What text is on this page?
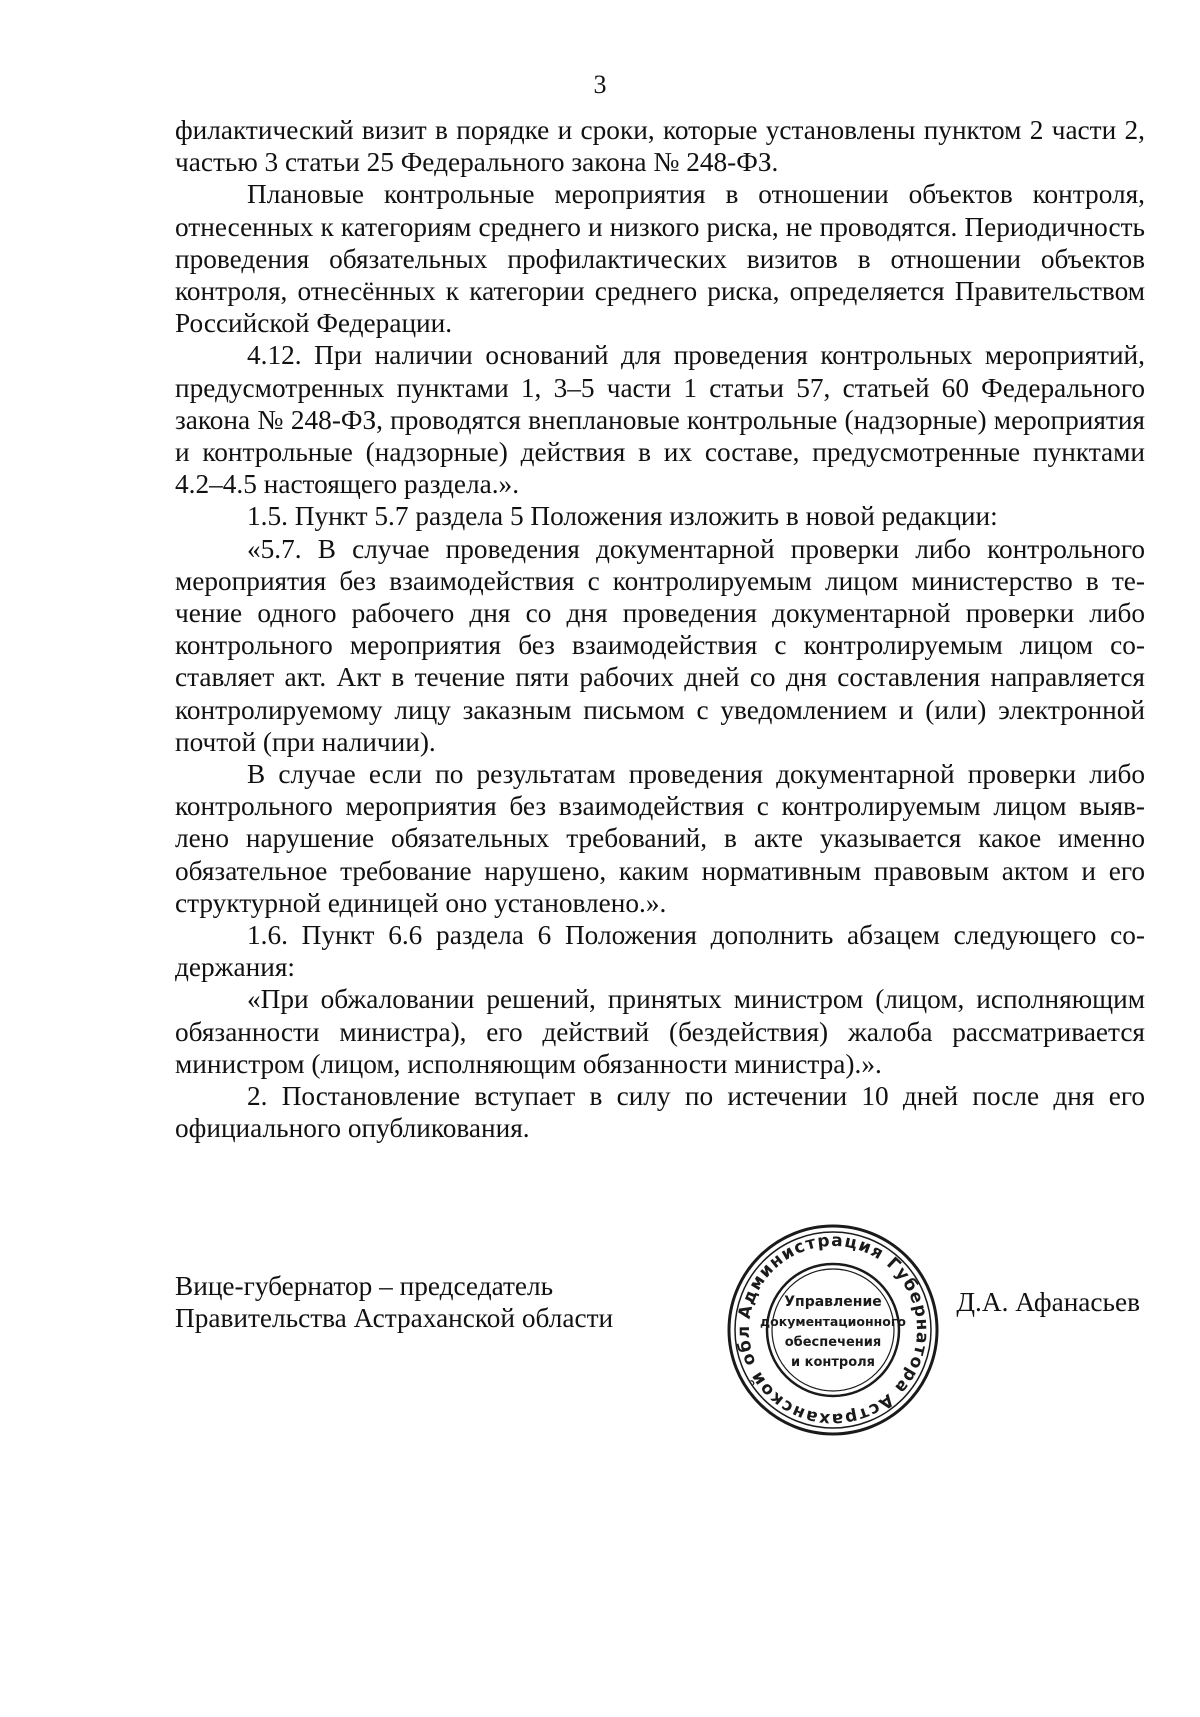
3

филактический визит в порядке и сроки, которые установлены пунктом 2 части 2, частью 3 статьи 25 Федерального закона № 248-ФЗ.

Плановые контрольные мероприятия в отношении объектов контроля, отнесенных к категориям среднего и низкого риска, не проводятся. Периодичность проведения обязательных профилактических визитов в отношении объектов контроля, отнесённых к категории среднего риска, определяется Правительством Российской Федерации.

4.12. При наличии оснований для проведения контрольных мероприятий, предусмотренных пунктами 1, 3–5 части 1 статьи 57, статьей 60 Федерального закона № 248-ФЗ, проводятся внеплановые контрольные (надзорные) мероприятия и контрольные (надзорные) действия в их составе, предусмотренные пунктами 4.2–4.5 настоящего раздела.».

1.5. Пункт 5.7 раздела 5 Положения изложить в новой редакции:

«5.7. В случае проведения документарной проверки либо контрольного мероприятия без взаимодействия с контролируемым лицом министерство в течение одного рабочего дня со дня проведения документарной проверки либо контрольного мероприятия без взаимодействия с контролируемым лицом составляет акт. Акт в течение пяти рабочих дней со дня составления направляется контролируемому лицу заказным письмом с уведомлением и (или) электронной почтой (при наличии).

В случае если по результатам проведения документарной проверки либо контрольного мероприятия без взаимодействия с контролируемым лицом выявлено нарушение обязательных требований, в акте указывается какое именно обязательное требование нарушено, каким нормативным правовым актом и его структурной единицей оно установлено.».

1.6. Пункт 6.6 раздела 6 Положения дополнить абзацем следующего содержания:

«При обжаловании решений, принятых министром (лицом, исполняющим обязанности министра), его действий (бездействия) жалоба рассматривается министром (лицом, исполняющим обязанности министра).».

2. Постановление вступает в силу по истечении 10 дней после дня его официального опубликования.

Вице-губернатор – председатель
Правительства Астраханской области	Администрация Губернатора Астраханской обл
Управление
документационного
обеспечения
и контроля
Д.А. Афанасьев
